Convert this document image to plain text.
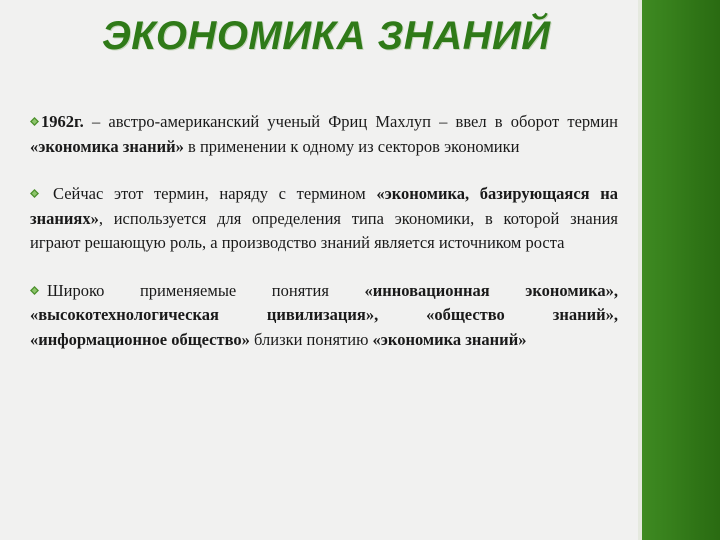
ЭКОНОМИКА ЗНАНИЙ

1962г. – австро-американский ученый Фриц Махлуп – ввел в оборот термин «экономика знаний» в применении к одному из секторов экономики

Сейчас этот термин, наряду с термином «экономика, базирующаяся на знаниях», используется для определения типа экономики, в которой знания играют решающую роль, а производство знаний является источником роста

Широко применяемые понятия «инновационная экономика», «высокотехнологическая цивилизация», «общество знаний», «информационное общество» близки понятию «экономика знаний»
